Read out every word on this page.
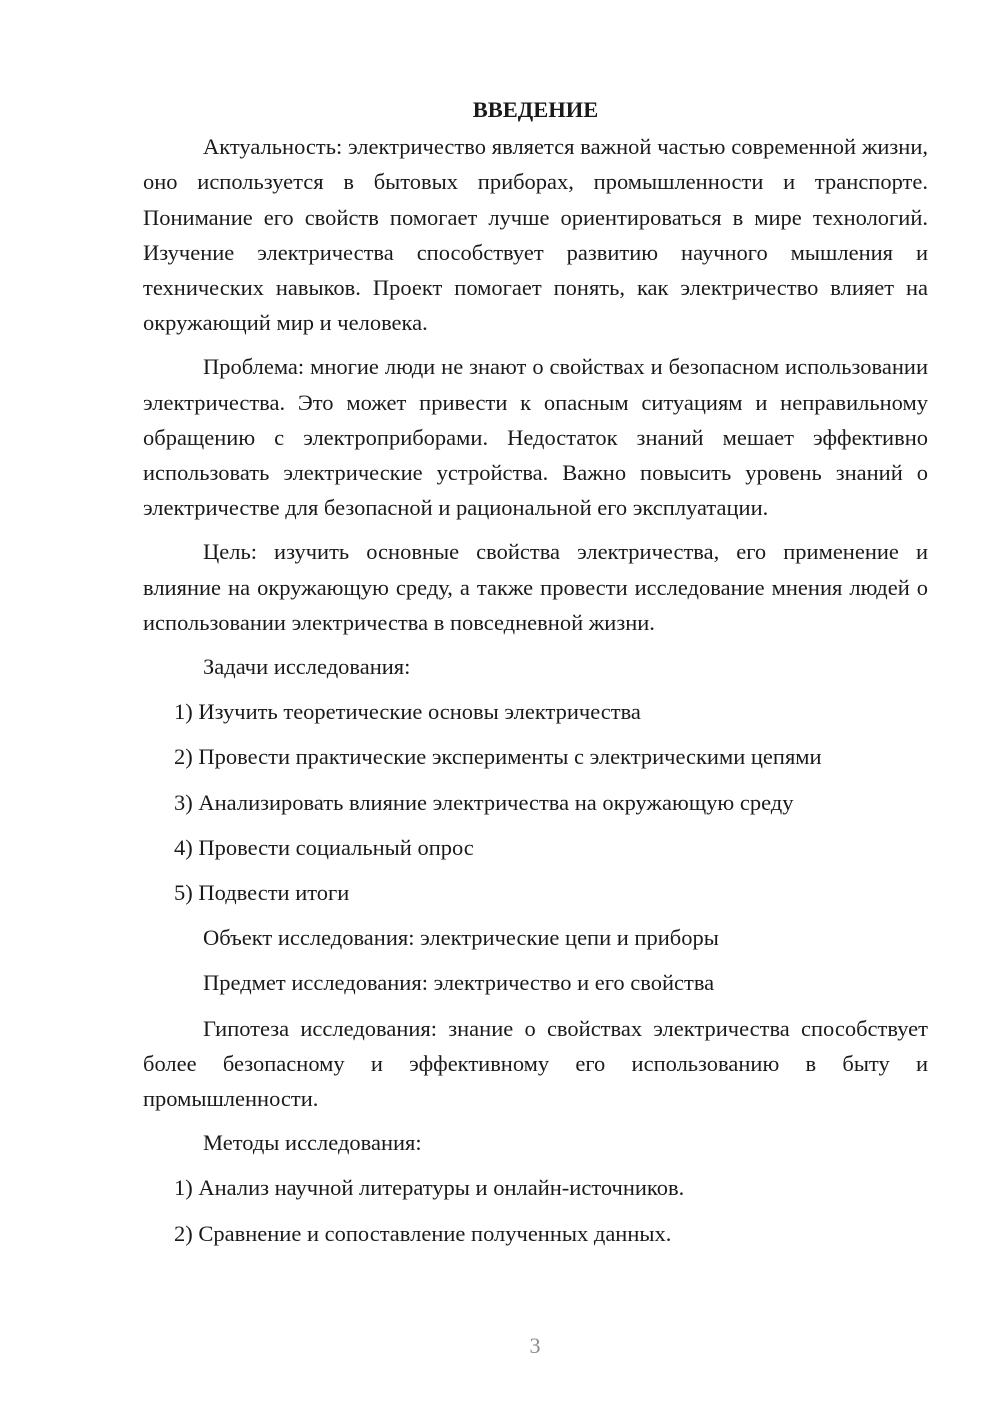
ВВЕДЕНИЕ

Актуальность: электричество является важной частью современной жизни, оно используется в бытовых приборах, промышленности и транспорте. Понимание его свойств помогает лучше ориентироваться в мире технологий. Изучение электричества способствует развитию научного мышления и технических навыков. Проект помогает понять, как электричество влияет на окружающий мир и человека.

Проблема: многие люди не знают о свойствах и безопасном использовании электричества. Это может привести к опасным ситуациям и неправильному обращению с электроприборами. Недостаток знаний мешает эффективно использовать электрические устройства. Важно повысить уровень знаний о электричестве для безопасной и рациональной его эксплуатации.

Цель: изучить основные свойства электричества, его применение и влияние на окружающую среду, а также провести исследование мнения людей о использовании электричества в повседневной жизни.

Задачи исследования:
1) Изучить теоретические основы электричества
2) Провести практические эксперименты с электрическими цепями
3) Анализировать влияние электричества на окружающую среду
4) Провести социальный опрос
5) Подвести итоги
Объект исследования: электрические цепи и приборы
Предмет исследования: электричество и его свойства

Гипотеза исследования: знание о свойствах электричества способствует более безопасному и эффективному его использованию в быту и промышленности.

Методы исследования:
1) Анализ научной литературы и онлайн-источников.
2) Сравнение и сопоставление полученных данных.
3
